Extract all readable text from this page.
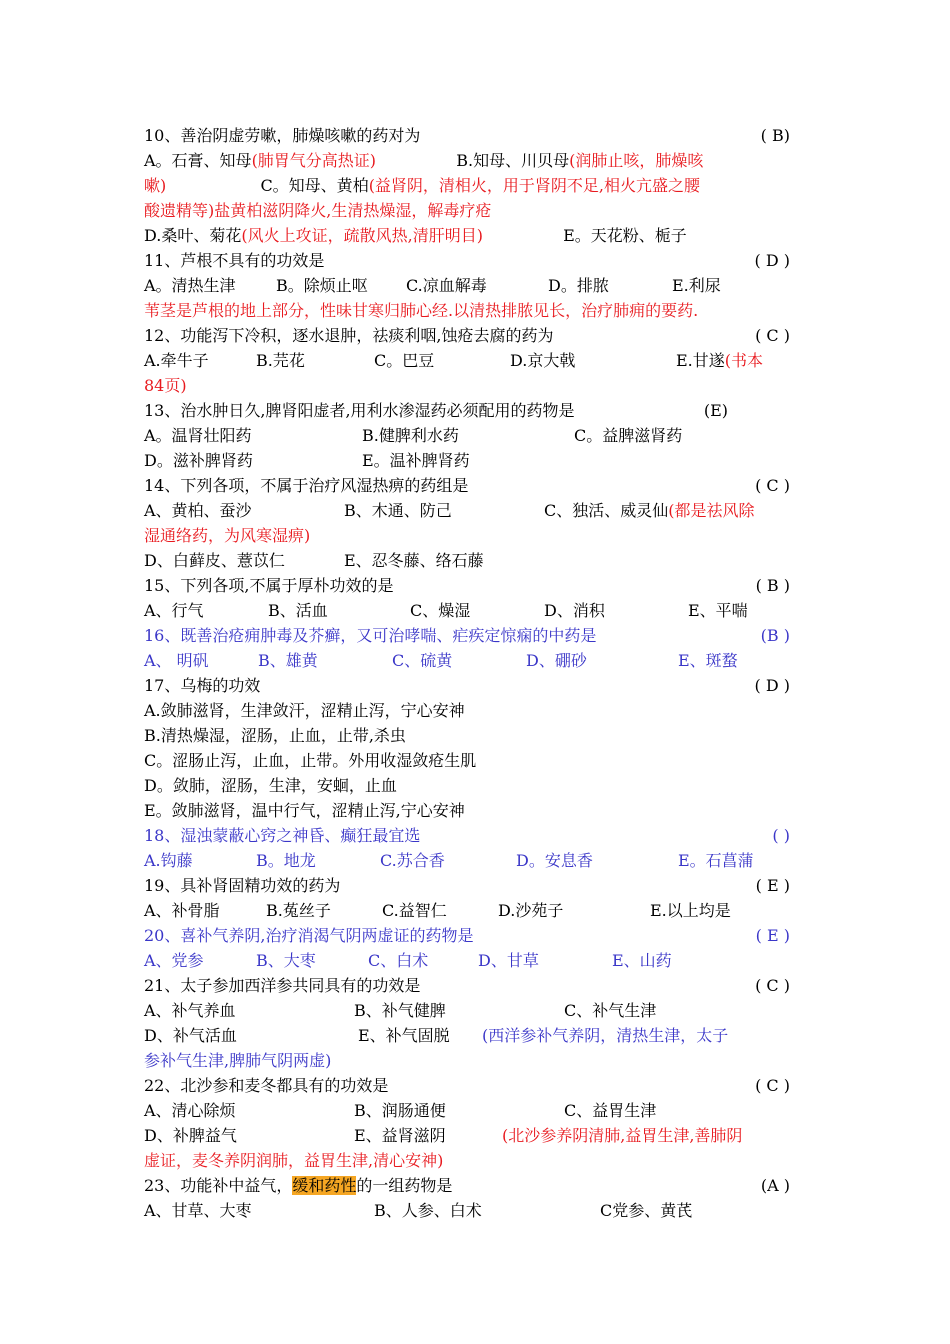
10、善治阴虚劳嗽，肺燥咳嗽的药对为	( B)
A。石膏、知母(肺胃气分高热证)	B.知母、川贝母(润肺止咳，肺燥咳
嗽)	C。知母、黄柏(益肾阴，清相火，用于肾阴不足,相火亢盛之腰
酸遗精等)盐黄柏滋阴降火,生清热燥湿，解毒疗疮
D.桑叶、菊花(风火上攻证，疏散风热,清肝明目)	E。天花粉、栀子
11、芦根不具有的功效是	( D )
A。清热生津	B。除烦止呕 C.凉血解毒	D。排脓	E.利尿
苇茎是芦根的地上部分，性味甘寒归肺心经.以清热排脓见长，治疗肺痈的要药.
12、功能泻下冷积，逐水退肿，祛痰利咽,蚀疮去腐的药为	( C )
A.牵牛子	B.芫花	C。巴豆	D.京大戟	E.甘遂(书本
84页)
13、治水肿日久,脾肾阳虚者,用利水渗湿药必须配用的药物是	(E)
A。温肾壮阳药	B.健脾利水药	C。益脾滋肾药
D。滋补脾肾药	E。温补脾肾药
14、下列各项，不属于治疗风湿热痹的药组是	( C )
A、黄柏、蚕沙	B、木通、防己	C、独活、威灵仙(都是祛风除
湿通络药，为风寒湿痹)
D、白藓皮、薏苡仁	E、忍冬藤、络石藤
15、下列各项,不属于厚朴功效的是	( B )
A、行气	B、活血	C、燥湿	D、消积	E、平喘
16、既善治疮痈肿毒及芥癣，又可治哮喘、疟疾定惊痫的中药是	(B )
A、 明矾	B、雄黄	C、硫黄	D、硼砂	E、斑蝥
17、乌梅的功效	( D )
A.敛肺滋肾，生津敛汗，涩精止泻，宁心安神
B.清热燥湿，涩肠，止血，止带,杀虫
C。涩肠止泻，止血，止带。外用收湿敛疮生肌
D。敛肺，涩肠，生津，安蛔，止血
E。敛肺滋肾，温中行气，涩精止泻,宁心安神
18、湿浊蒙蔽心窍之神昏、癫狂最宜选	( )
A.钩藤	B。地龙	C.苏合香	D。安息香	E。石菖蒲
19、具补肾固精功效的药为	( E )
A、补骨脂	B.菟丝子	C.益智仁	D.沙苑子	E.以上均是
20、喜补气养阴,治疗消渴气阴两虚证的药物是	( E )
A、党参	B、大枣	C、白术	D、甘草	E、山药
21、太子参加西洋参共同具有的功效是	( C )
A、补气养血	B、补气健脾	C、补气生津
D、补气活血	E、补气固脱 (西洋参补气养阴，清热生津，太子
参补气生津,脾肺气阴两虚)
22、北沙参和麦冬都具有的功效是	( C )
A、清心除烦	B、润肠通便	C、益胃生津
D、补脾益气	E、益肾滋阴	(北沙参养阴清肺,益胃生津,善肺阴
虚证，麦冬养阴润肺，益胃生津,清心安神)
23、功能补中益气，缓和药性的一组药物是	(A )
A、甘草、大枣	B、人参、白术	C党参、黄芪
